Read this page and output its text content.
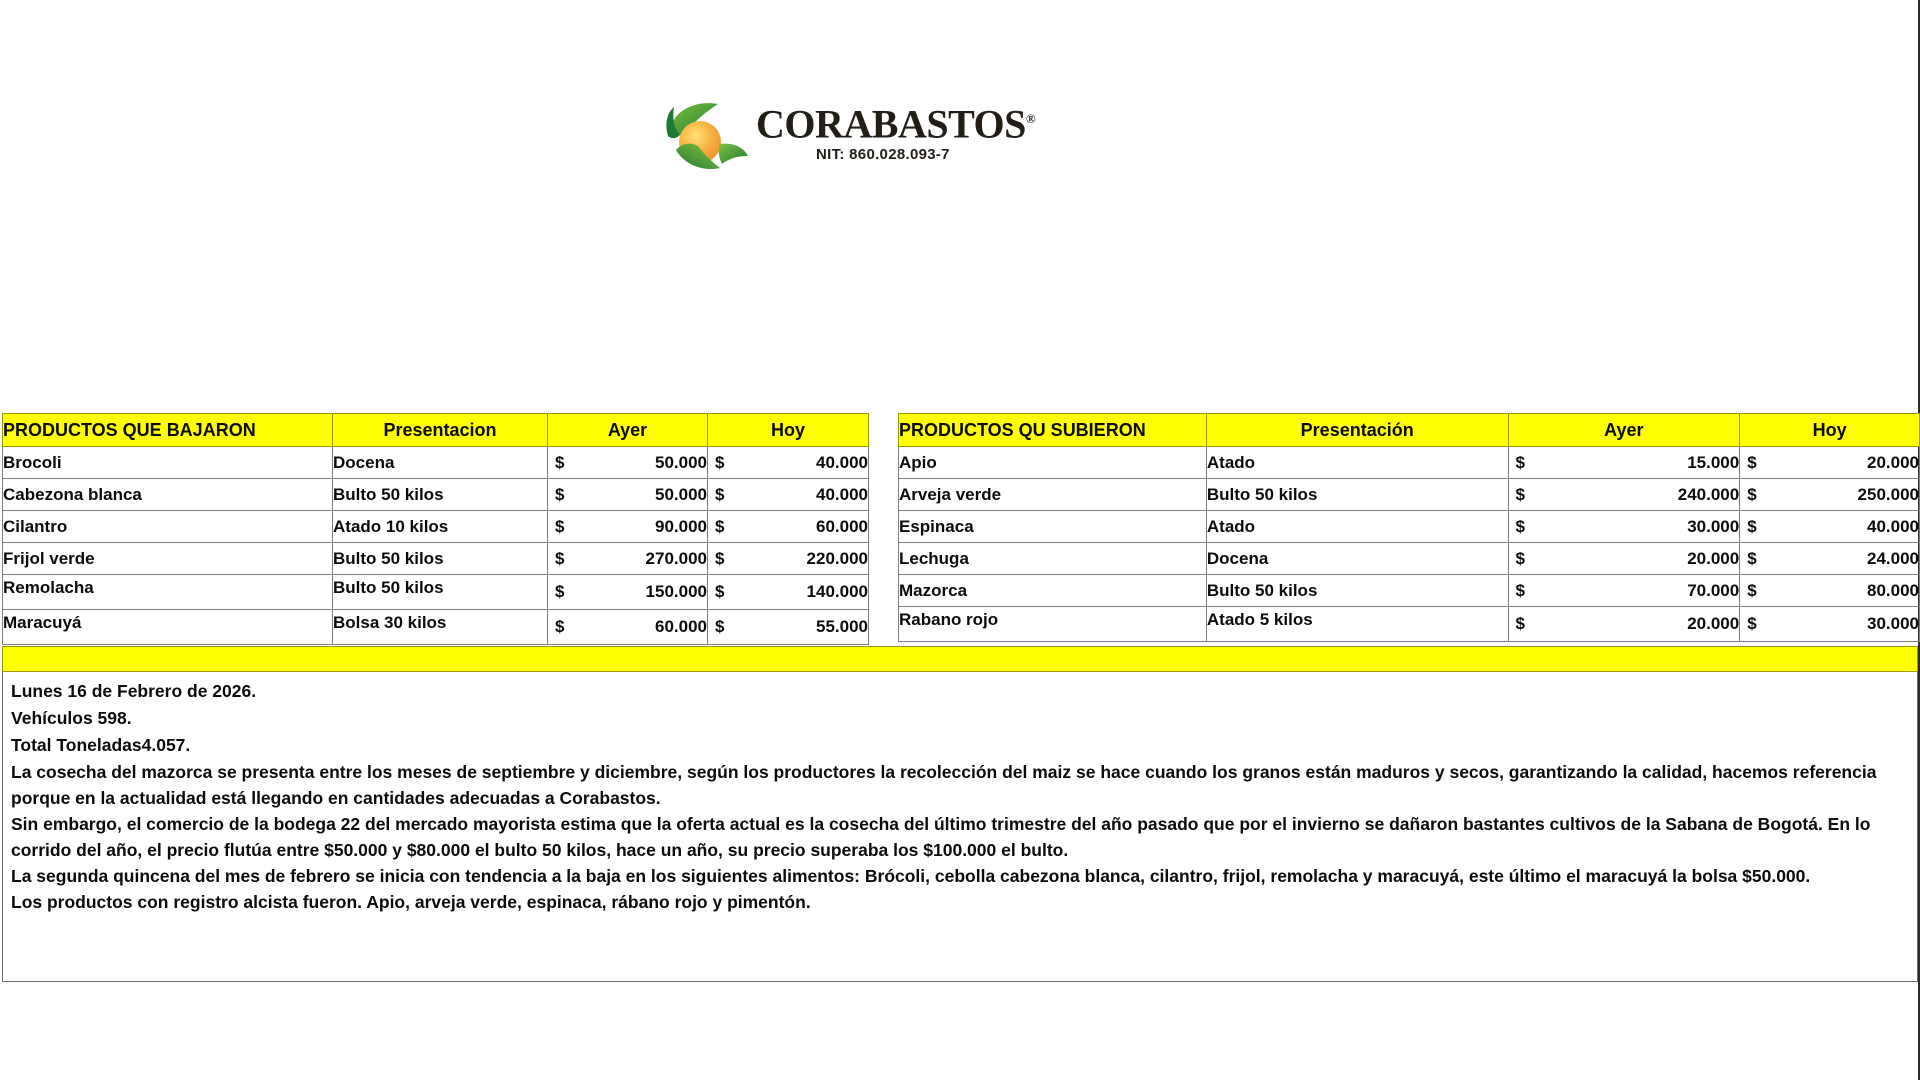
CORABASTOS®
NIT: 860.028.093-7
PRODUCTOS QUE BAJARON	Presentacion	Ayer	Hoy
Brocoli	Docena	$ 50.000	$ 40.000
Cabezona blanca	Bulto 50 kilos	$ 50.000	$ 40.000
Cilantro	Atado 10 kilos	$ 90.000	$ 60.000
Frijol verde	Bulto 50 kilos	$ 270.000	$ 220.000
Remolacha	Bulto 50 kilos	$ 150.000	$ 140.000
Maracuyá	Bolsa 30 kilos	$ 60.000	$ 55.000
PRODUCTOS QU SUBIERON	Presentación	Ayer	Hoy
Apio	Atado	$ 15.000	$ 20.000
Arveja verde	Bulto 50 kilos	$ 240.000	$ 250.000
Espinaca	Atado	$ 30.000	$ 40.000
Lechuga	Docena	$ 20.000	$ 24.000
Mazorca	Bulto 50 kilos	$ 70.000	$ 80.000
Rabano rojo	Atado 5 kilos	$ 20.000	$ 30.000

Lunes 16 de Febrero de 2026.

Vehículos 598.

Total Toneladas4.057.

La cosecha del mazorca se presenta entre los meses de septiembre y diciembre, según los productores la recolección del maiz se hace cuando los granos están maduros y secos, garantizando la calidad, hacemos referencia porque en la actualidad está llegando en cantidades adecuadas a Corabastos.

Sin embargo, el comercio de la bodega 22 del mercado mayorista estima que la oferta actual es la cosecha del último trimestre del año pasado que por el invierno se dañaron bastantes cultivos de la Sabana de Bogotá. En lo corrido del año, el precio flutúa entre $50.000 y $80.000 el bulto 50 kilos, hace un año, su precio superaba los $100.000 el bulto.

La segunda quincena del mes de febrero se inicia con tendencia a la baja en los siguientes alimentos: Brócoli, cebolla cabezona blanca, cilantro, frijol, remolacha y maracuyá, este último el maracuyá la bolsa $50.000.

Los productos con registro alcista fueron. Apio, arveja verde, espinaca, rábano rojo y pimentón.
